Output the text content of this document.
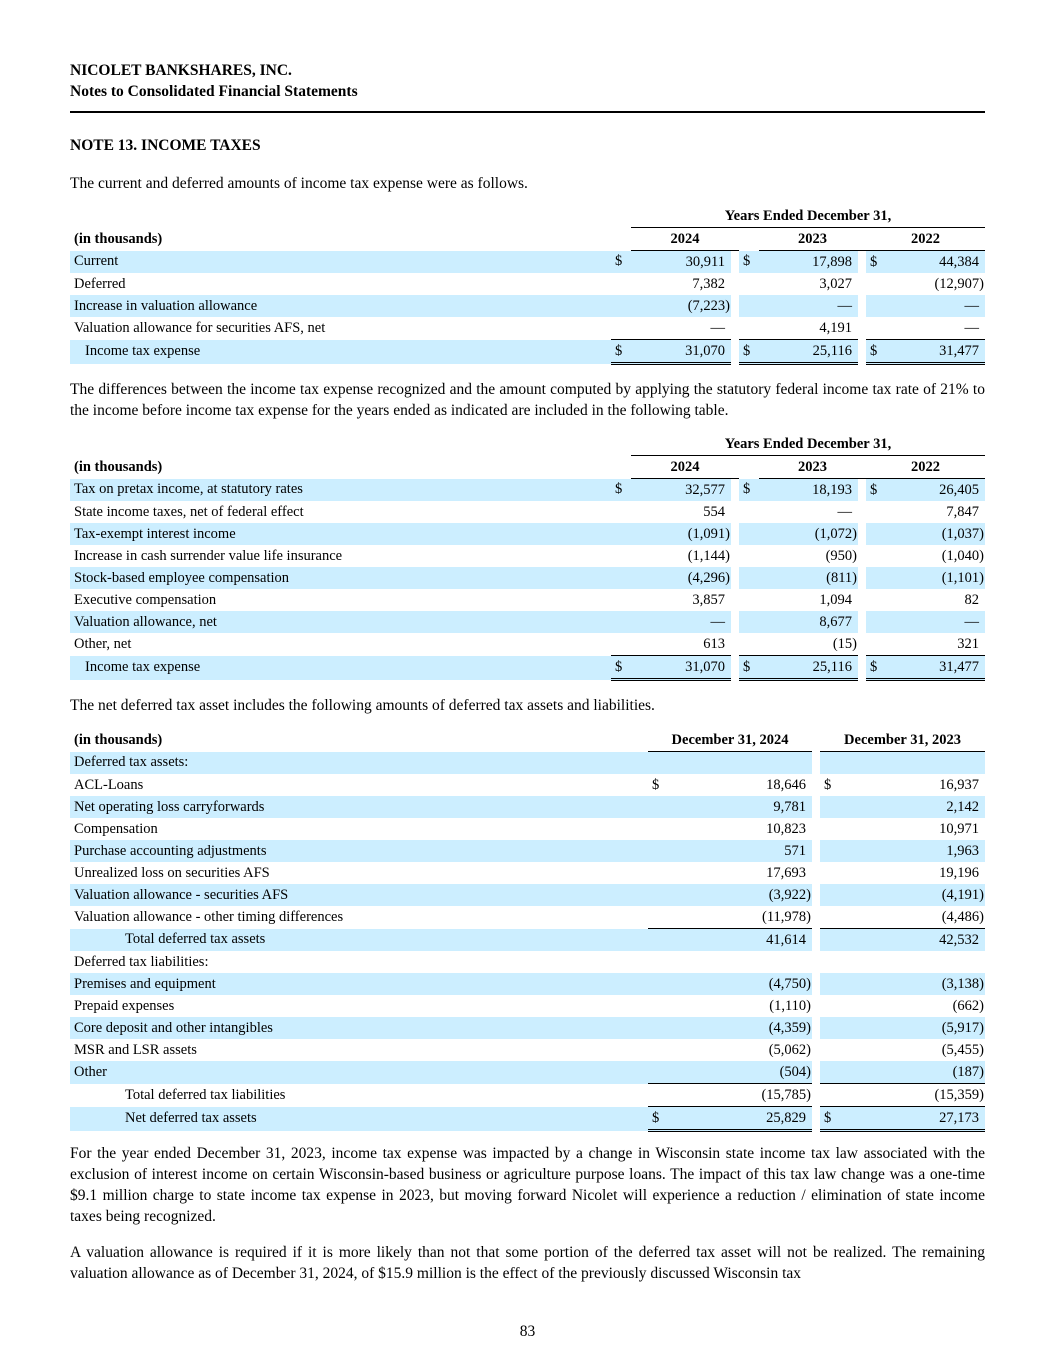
NICOLET BANKSHARES, INC.
Notes to Consolidated Financial Statements
NOTE 13. INCOME TAXES
The current and deferred amounts of income tax expense were as follows.
		Years Ended December 31,						
(in thousands)		2024			2023		2022	
Current	$	30,911		$	17,898		$	44,384
Deferred		7,382			3,027			(12,907)
Increase in valuation allowance		(7,223)			—			—
Valuation allowance for securities AFS, net		—			4,191			—
Income tax expense	$	31,070		$	25,116		$	31,477
The differences between the income tax expense recognized and the amount computed by applying the statutory federal income tax rate of 21% to the income before income tax expense for the years ended as indicated are included in the following table.
		Years Ended December 31,						
(in thousands)		2024			2023		2022	
Tax on pretax income, at statutory rates	$	32,577		$	18,193		$	26,405
State income taxes, net of federal effect		554			—			7,847
Tax-exempt interest income		(1,091)			(1,072)			(1,037)
Increase in cash surrender value life insurance		(1,144)			(950)			(1,040)
Stock-based employee compensation		(4,296)			(811)			(1,101)
Executive compensation		3,857			1,094			82
Valuation allowance, net		—			8,677			—
Other, net		613			(15)			321
Income tax expense	$	31,070		$	25,116		$	31,477
The net deferred tax asset includes the following amounts of deferred tax assets and liabilities.
(in thousands)	December 31, 2024			December 31, 2023	
Deferred tax assets:					
ACL-Loans	$	18,646		$	16,937
Net operating loss carryforwards		9,781			2,142
Compensation		10,823			10,971
Purchase accounting adjustments		571			1,963
Unrealized loss on securities AFS		17,693			19,196
Valuation allowance - securities AFS		(3,922)			(4,191)
Valuation allowance - other timing differences		(11,978)			(4,486)
Total deferred tax assets		41,614			42,532
Deferred tax liabilities:					
Premises and equipment		(4,750)			(3,138)
Prepaid expenses		(1,110)			(662)
Core deposit and other intangibles		(4,359)			(5,917)
MSR and LSR assets		(5,062)			(5,455)
Other		(504)			(187)
Total deferred tax liabilities		(15,785)			(15,359)
Net deferred tax assets	$	25,829		$	27,173
For the year ended December 31, 2023, income tax expense was impacted by a change in Wisconsin state income tax law associated with the exclusion of interest income on certain Wisconsin-based business or agriculture purpose loans. The impact of this tax law change was a one-time $9.1 million charge to state income tax expense in 2023, but moving forward Nicolet will experience a reduction / elimination of state income taxes being recognized.
A valuation allowance is required if it is more likely than not that some portion of the deferred tax asset will not be realized. The remaining valuation allowance as of December 31, 2024, of $15.9 million is the effect of the previously discussed Wisconsin tax
83
